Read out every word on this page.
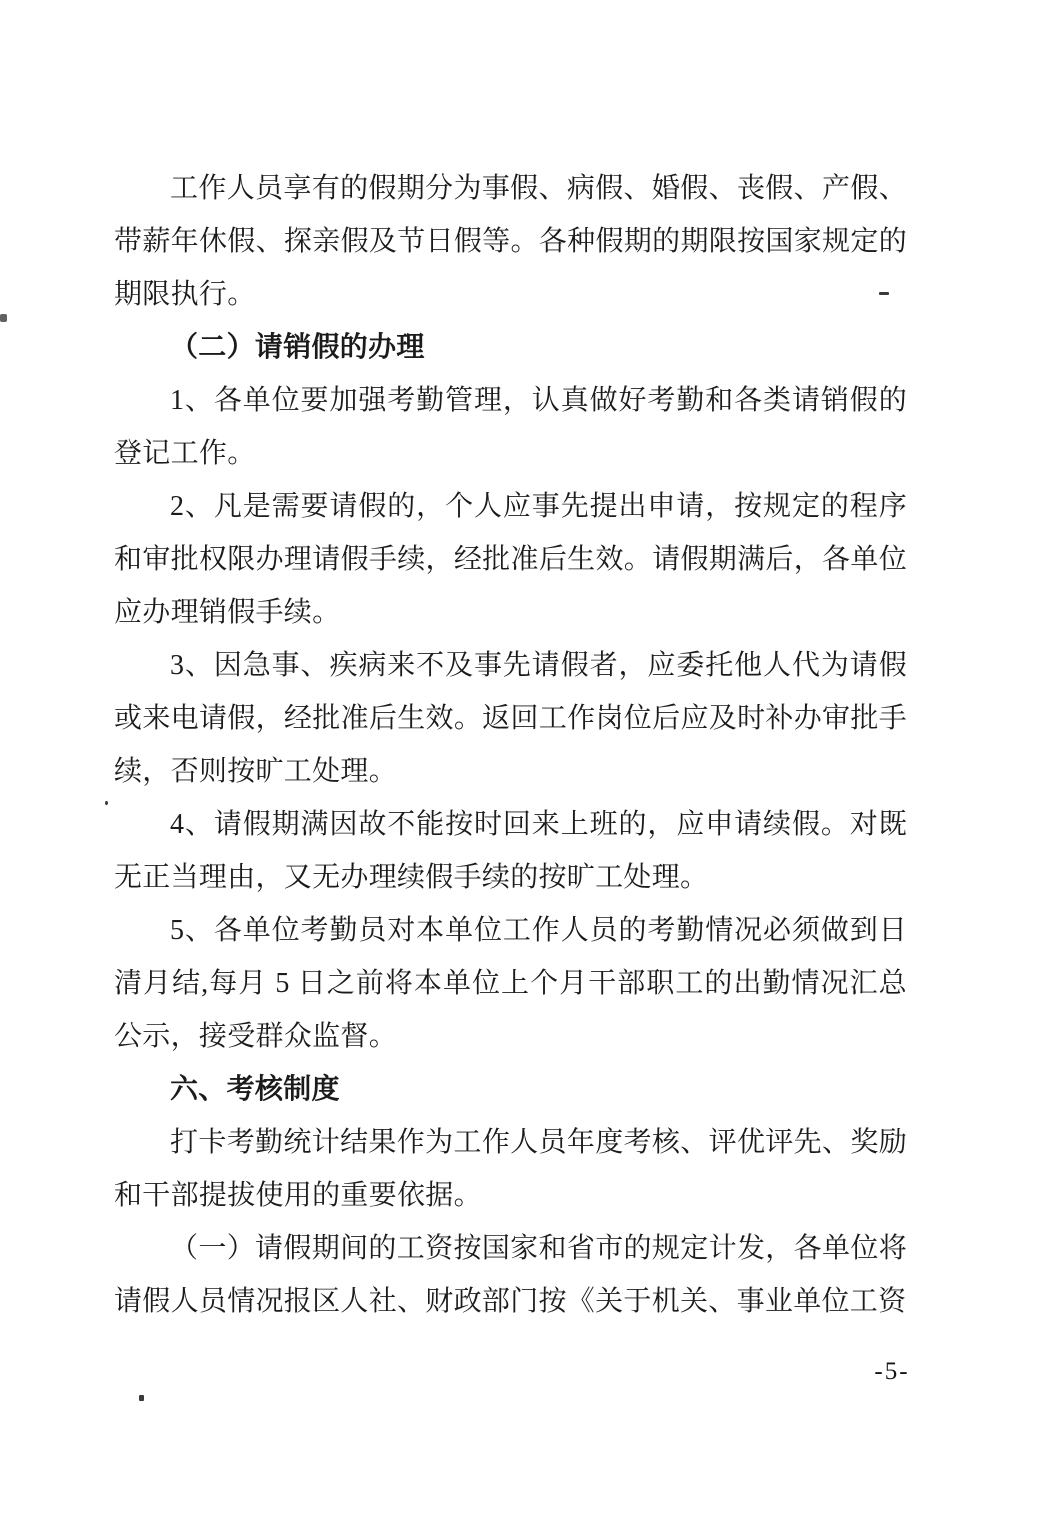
工作人员享有的假期分为事假、病假、婚假、丧假、产假、带薪年休假、探亲假及节日假等。各种假期的期限按国家规定的期限执行。

（二）请销假的办理

1、各单位要加强考勤管理，认真做好考勤和各类请销假的登记工作。

2、凡是需要请假的，个人应事先提出申请，按规定的程序和审批权限办理请假手续，经批准后生效。请假期满后，各单位应办理销假手续。

3、因急事、疾病来不及事先请假者，应委托他人代为请假或来电请假，经批准后生效。返回工作岗位后应及时补办审批手续，否则按旷工处理。

4、请假期满因故不能按时回来上班的，应申请续假。对既无正当理由，又无办理续假手续的按旷工处理。

5、各单位考勤员对本单位工作人员的考勤情况必须做到日清月结,每月 5 日之前将本单位上个月干部职工的出勤情况汇总公示，接受群众监督。

六、考核制度

打卡考勤统计结果作为工作人员年度考核、评优评先、奖励和干部提拔使用的重要依据。

（一）请假期间的工资按国家和省市的规定计发，各单位将请假人员情况报区人社、财政部门按《关于机关、事业单位工资

-5-
